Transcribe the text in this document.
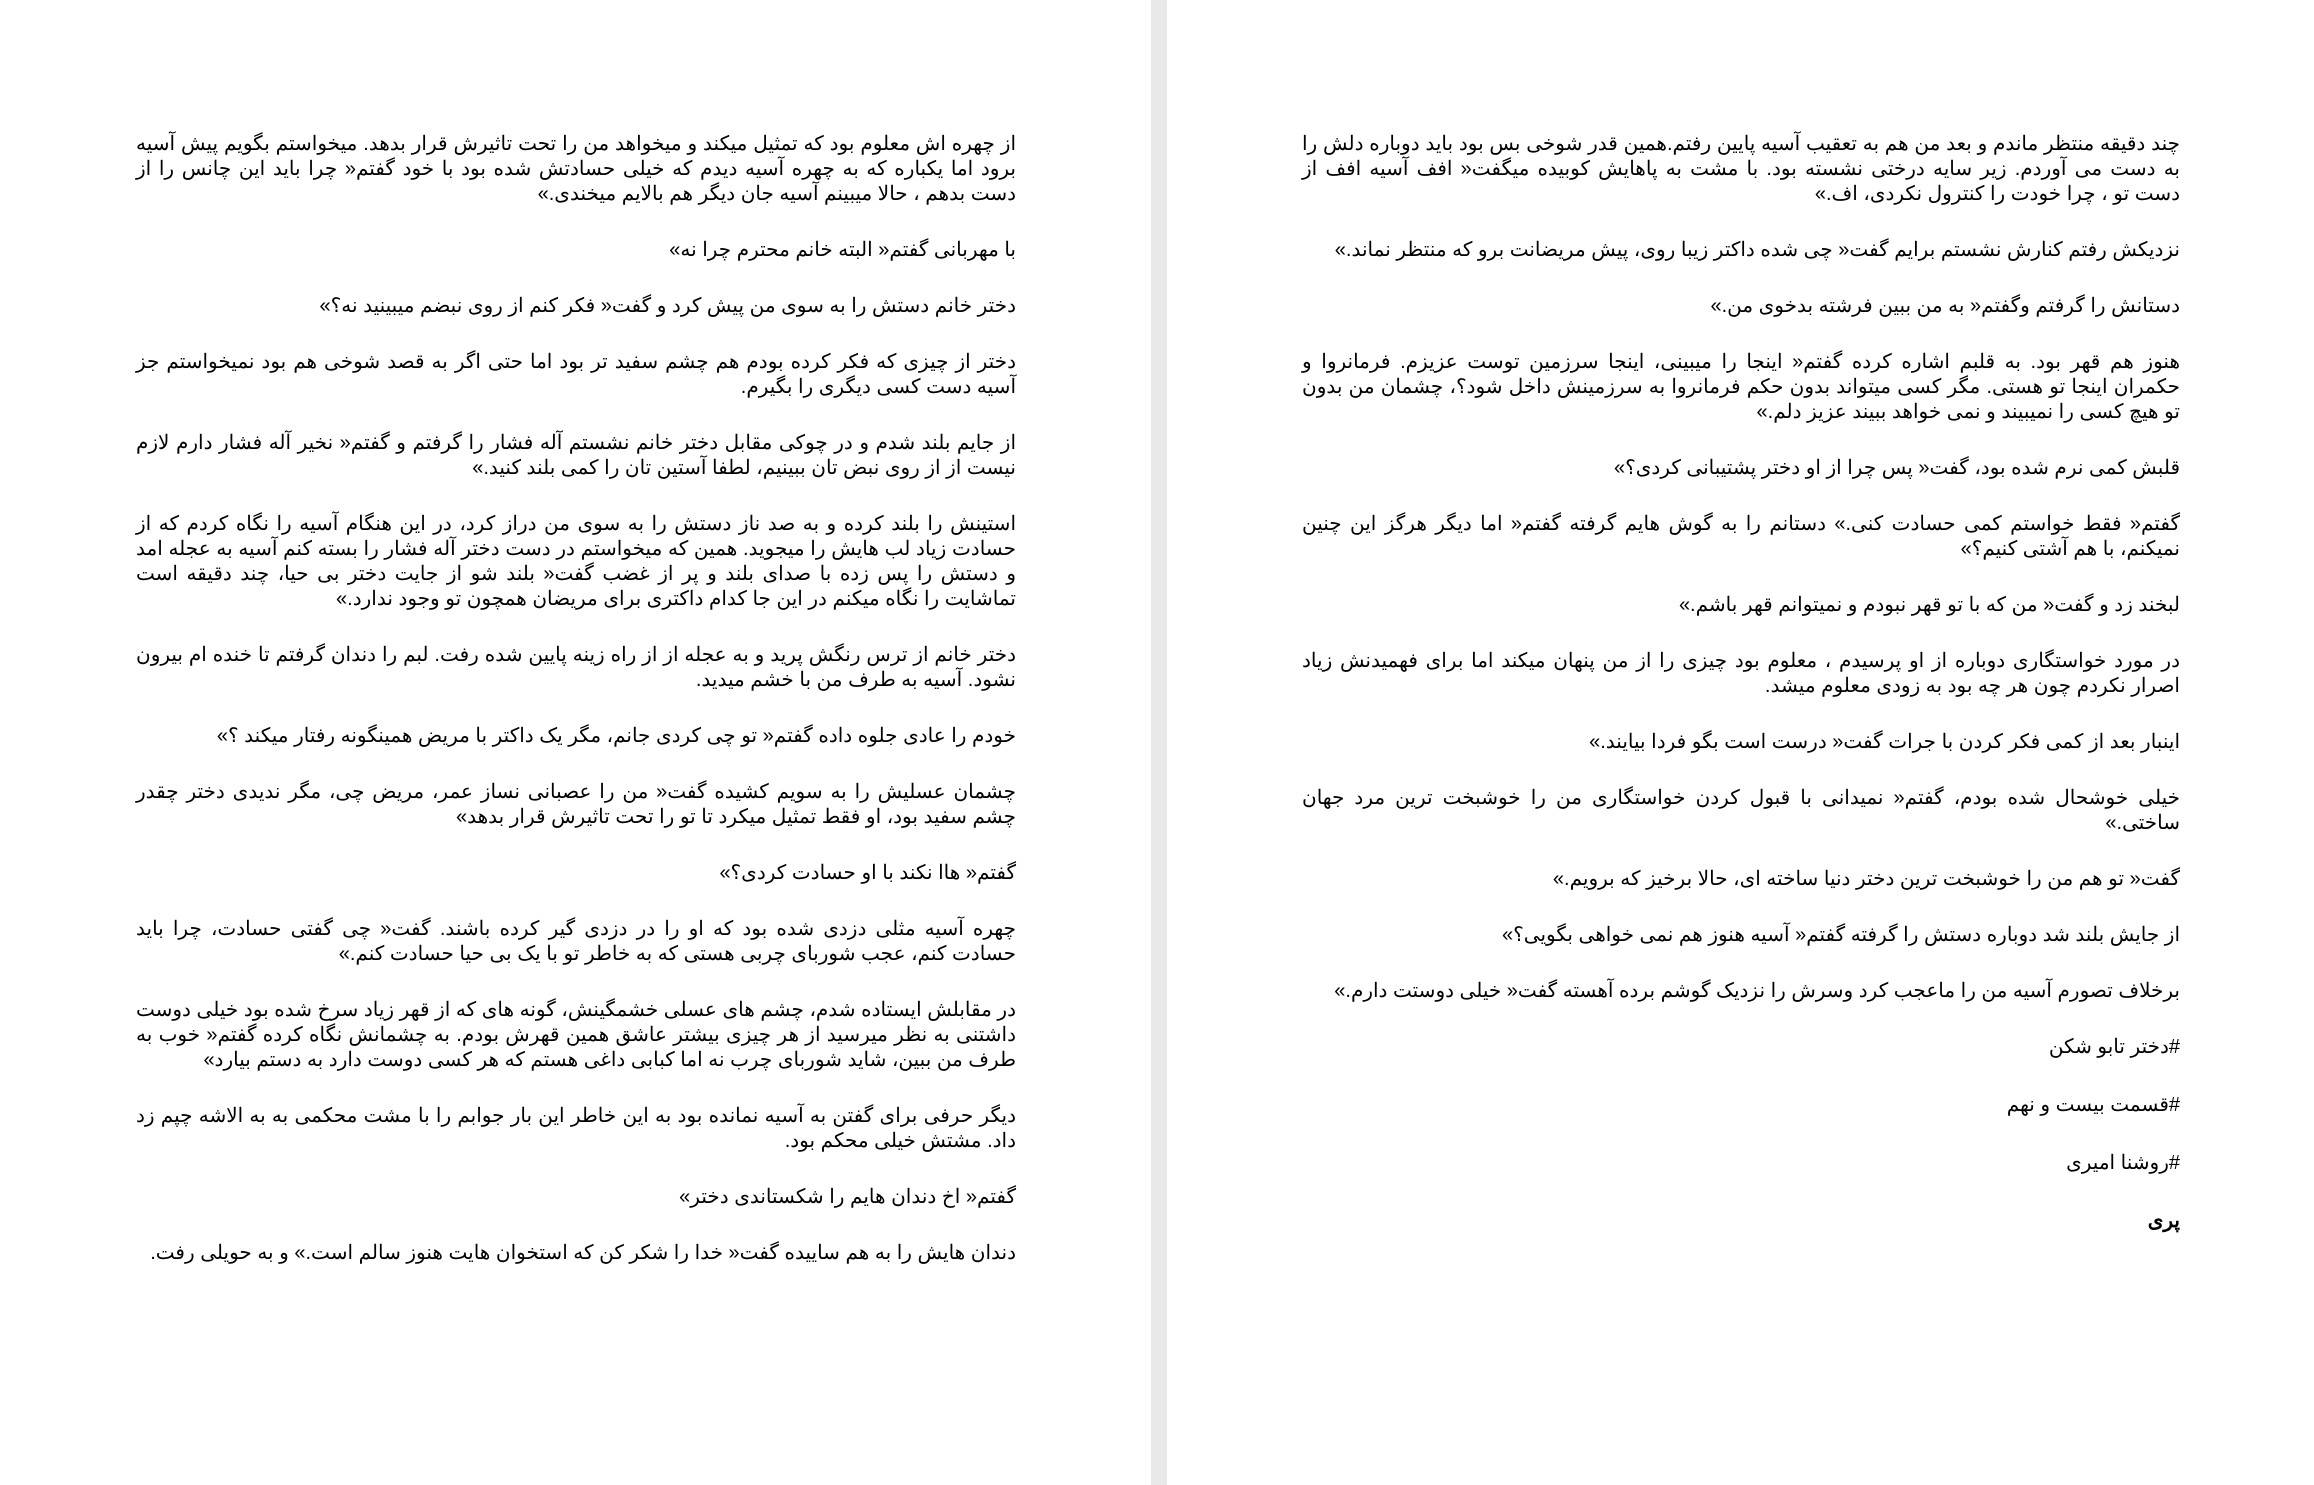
از چهره اش معلوم بود که تمثیل میکند و میخواهد من را تحت تاثیرش قرار بدهد. میخواستم بگویم پیش آسیه برود اما یکباره که به چهره آسیه دیدم که خیلی حسادتش شده بود با خود گفتم« چرا باید این چانس را از دست بدهم ، حالا میبینم آسیه جان دیگر هم بالایم میخندی.»

با مهربانی گفتم« البته خانم محترم چرا نه»

دختر خانم دستش را به سوی من پیش کرد و گفت« فکر کنم از روی نبضم میبینید نه؟»

دختر از چیزی که فکر کرده بودم هم چشم سفید تر بود اما حتی اگر به قصد شوخی هم بود نمیخواستم جز آسیه دست کسی دیگری را بگیرم.

از جایم بلند شدم و در چوکی مقابل دختر خانم نشستم آله فشار را گرفتم و گفتم« نخیر آله فشار دارم لازم نیست از از روی نبض تان ببینیم، لطفا آستین تان را کمی بلند کنید.»

استینش را بلند کرده و به صد ناز دستش را به سوی من دراز کرد، در این هنگام آسیه را نگاه کردم که از حسادت زیاد لب هایش را میجوید. همین که میخواستم در دست دختر آله فشار را بسته کنم آسیه به عجله امد و دستش را پس زده با صدای بلند و پر از غضب گفت« بلند شو از جایت دختر بی حیا، چند دقیقه است تماشایت را نگاه میکنم در این جا کدام داکتری برای مریضان همچون تو وجود ندارد.»

دختر خانم از ترس رنگش پرید و به عجله از از راه زینه پایین شده رفت. لبم را دندان گرفتم تا خنده ام بیرون نشود. آسیه به طرف من با خشم میدید.

خودم را عادی جلوه داده گفتم« تو چی کردی جانم، مگر یک داکتر با مریض همینگونه رفتار میکند ؟»

چشمان عسلیش را به سویم کشیده گفت« من را عصبانی نساز عمر، مریض چی، مگر ندیدی دختر چقدر چشم سفید بود، او فقط تمثیل میکرد تا تو را تحت تاثیرش قرار بدهد»

گفتم« هاا نکند با او حسادت کردی؟»

چهره آسیه مثلی دزدی شده بود که او را در دزدی گیر کرده باشند. گفت« چی گفتی حسادت، چرا باید حسادت کنم، عجب شوربای چربی هستی که به خاطر تو با یک بی حیا حسادت کنم.»

در مقابلش ایستاده شدم، چشم های عسلی خشمگینش، گونه های که از قهر زیاد سرخ شده بود خیلی دوست داشتنی به نظر میرسید از هر چیزی بیشتر عاشق همین قهرش بودم. به چشمانش نگاه کرده گفتم« خوب به طرف من ببین، شاید شوربای چرب نه اما کبابی داغی هستم که هر کسی دوست دارد به دستم بیارد»

دیگر حرفی برای گفتن به آسیه نمانده بود به این خاطر این بار جوابم را با مشت محکمی به به الاشه چپم زد داد. مشتش خیلی محکم بود.

گفتم« اخ دندان هایم را شکستاندی دختر»

دندان هایش را به هم ساییده گفت« خدا را شکر کن که استخوان هایت هنوز سالم است.» و به حویلی رفت.

چند دقیقه منتظر ماندم و بعد من هم به تعقیب آسیه پایین رفتم.همین قدر شوخی بس بود باید دوباره دلش را به دست می آوردم. زیر سایه درختی نشسته بود. با مشت به پاهایش کوبیده میگفت« افف آسیه افف از دست تو ، چرا خودت را کنترول نکردی، اف.»

نزدیکش رفتم کنارش نشستم برایم گفت« چی شده داکتر زیبا روی، پیش مریضانت برو که منتظر نماند.»

دستانش را گرفتم وگفتم« به من ببین فرشته بدخوی من.»

هنوز هم قهر بود. به قلبم اشاره کرده گفتم« اینجا را میبینی، اینجا سرزمین توست عزیزم. فرمانروا و حکمران اینجا تو هستی. مگر کسی میتواند بدون حکم فرمانروا به سرزمینش داخل شود؟، چشمان من بدون تو هیچ کسی را نمیبیند و نمی خواهد ببیند عزیز دلم.»

قلبش کمی نرم شده بود، گفت« پس چرا از او دختر پشتیبانی کردی؟»

گفتم« فقط خواستم کمی حسادت کنی.» دستانم را به گوش هایم گرفته گفتم« اما دیگر هرگز این چنین نمیکنم، با هم آشتی کنیم؟»

لبخند زد و گفت« من که با تو قهر نبودم و نمیتوانم قهر باشم.»

در مورد خواستگاری دوباره از او پرسیدم ، معلوم بود چیزی را از من پنهان میکند اما برای فهمیدنش زیاد اصرار نکردم چون هر چه بود به زودی معلوم میشد.

اینبار بعد از کمی فکر کردن با جرات گفت« درست است بگو فردا بیایند.»

خیلی خوشحال شده بودم، گفتم« نمیدانی با قبول کردن خواستگاری من را خوشبخت ترین مرد جهان ساختی.»

گفت« تو هم من را خوشبخت ترین دختر دنیا ساخته ای، حالا برخیز که برویم.»

از جایش بلند شد دوباره دستش را گرفته گفتم« آسیه هنوز هم نمی خواهی بگویی؟»

برخلاف تصورم آسیه من را ماعجب کرد وسرش را نزدیک گوشم برده آهسته گفت« خیلی دوستت دارم.»

#دختر تابو شکن

#قسمت بیست و نهم

#روشنا امیری

پری
